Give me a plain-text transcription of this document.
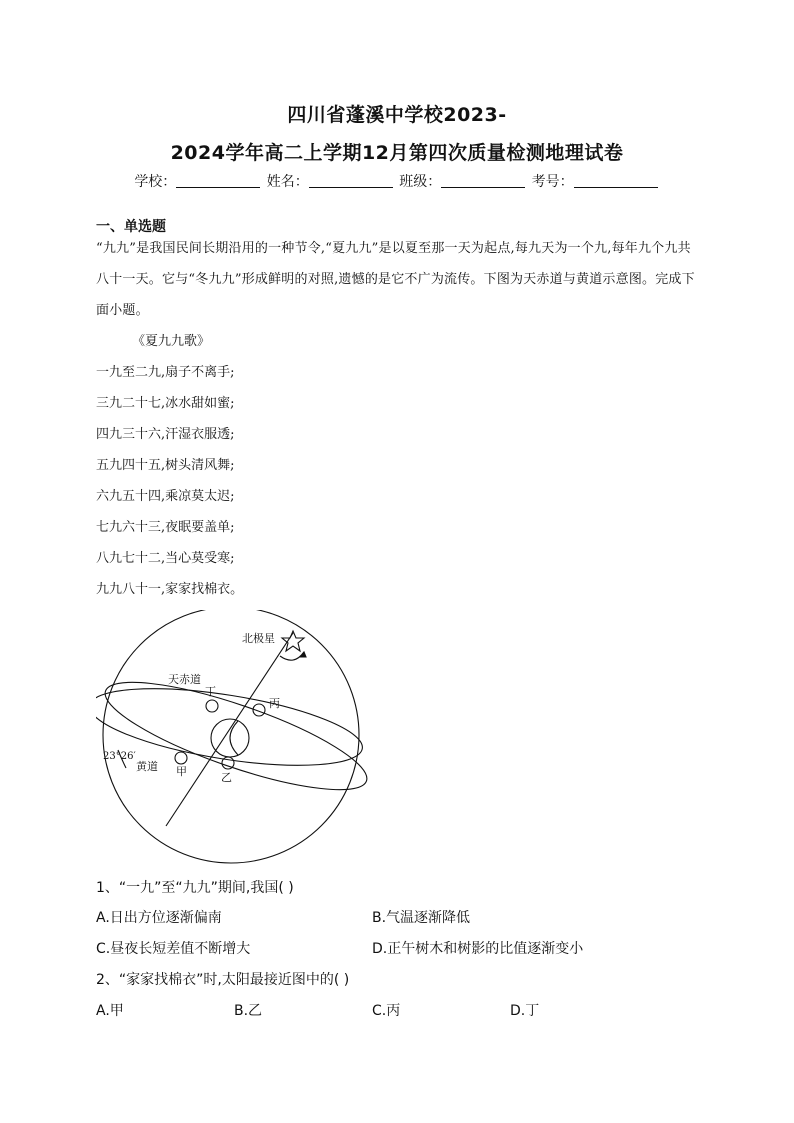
四川省蓬溪中学校2023-
2024学年高二上学期12月第四次质量检测地理试卷
学校：	姓名：	班级：	考号：
一、单选题
“九九”是我国民间长期沿用的一种节令,“夏九九”是以夏至那一天为起点,每九天为一个九,每年九个九共八十一天。它与“冬九九”形成鲜明的对照,遗憾的是它不广为流传。下图为天赤道与黄道示意图。完成下面小题。
《夏九九歌》
一九至二九,扇子不离手;
三九二十七,冰水甜如蜜;
四九三十六,汗湿衣服透;
五九四十五,树头清风舞;
六九五十四,乘凉莫太迟;
七九六十三,夜眠要盖单;
八九七十二,当心莫受寒;
九九八十一,家家找棉衣。
北极星
天赤道
丁
丙
23°26′
黄道 甲	乙
1、“一九”至“九九”期间,我国( )
A.日出方位逐渐偏南	B.气温逐渐降低
C.昼夜长短差值不断增大	D.正午树木和树影的比值逐渐变小
2、“家家找棉衣”时,太阳最接近图中的( )
A.甲	B.乙	C.丙	D.丁
